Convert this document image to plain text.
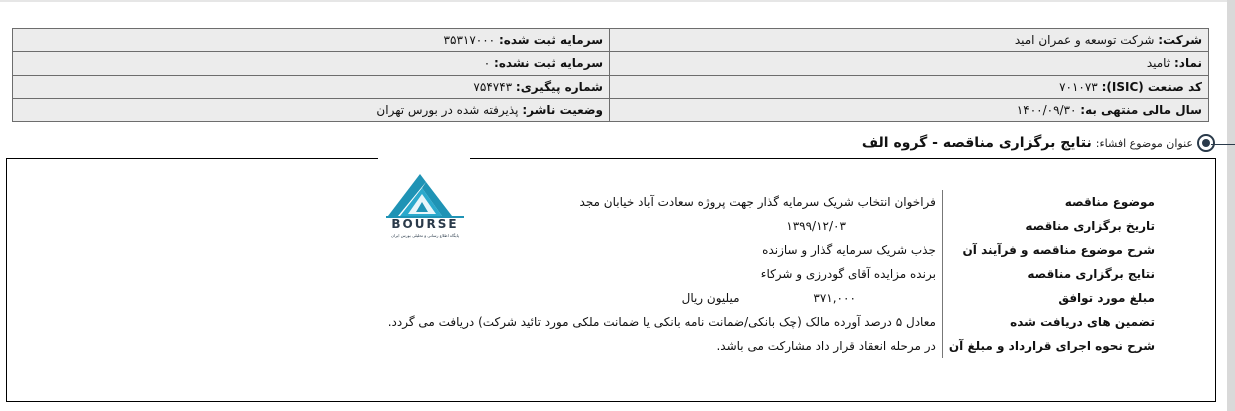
شرکت: شرکت توسعه و عمران امید	سرمایه ثبت شده: ۳۵۳۱۷۰۰۰
نماد: ثامید	سرمایه ثبت نشده: ۰
کد صنعت (ISIC): ۷۰۱۰۷۳	شماره پیگیری: ۷۵۴۷۴۳
سال مالی منتهی به: ۱۴۰۰/۰۹/۳۰	وضعیت ناشر: پذیرفته شده در بورس تهران
عنوان موضوع افشاء:
نتایج برگزاری مناقصه - گروه الف
BOURSE
پایگاه اطلاع رسانی و تحلیلی بورس ایران
موضوع مناقصه	فراخوان انتخاب شریک سرمایه گذار جهت پروژه سعادت آباد خیابان مجد
تاریخ برگزاری مناقصه	۱۳۹۹/۱۲/۰۳
شرح موضوع مناقصه و فرآیند آن	جذب شریک سرمایه گذار و سازنده
نتایج برگزاری مناقصه	برنده مزایده آقای گودرزی و شرکاء
مبلغ مورد توافق	۳۷۱,۰۰۰ میلیون ریال
تضمین های دریافت شده	معادل ۵ درصد آورده مالک (چک بانکی/ضمانت نامه بانکی یا ضمانت ملکی مورد تائید شرکت) دریافت می گردد.
شرح نحوه اجرای قرارداد و مبلغ آن	در مرحله انعقاد قرار داد مشارکت می باشد.
